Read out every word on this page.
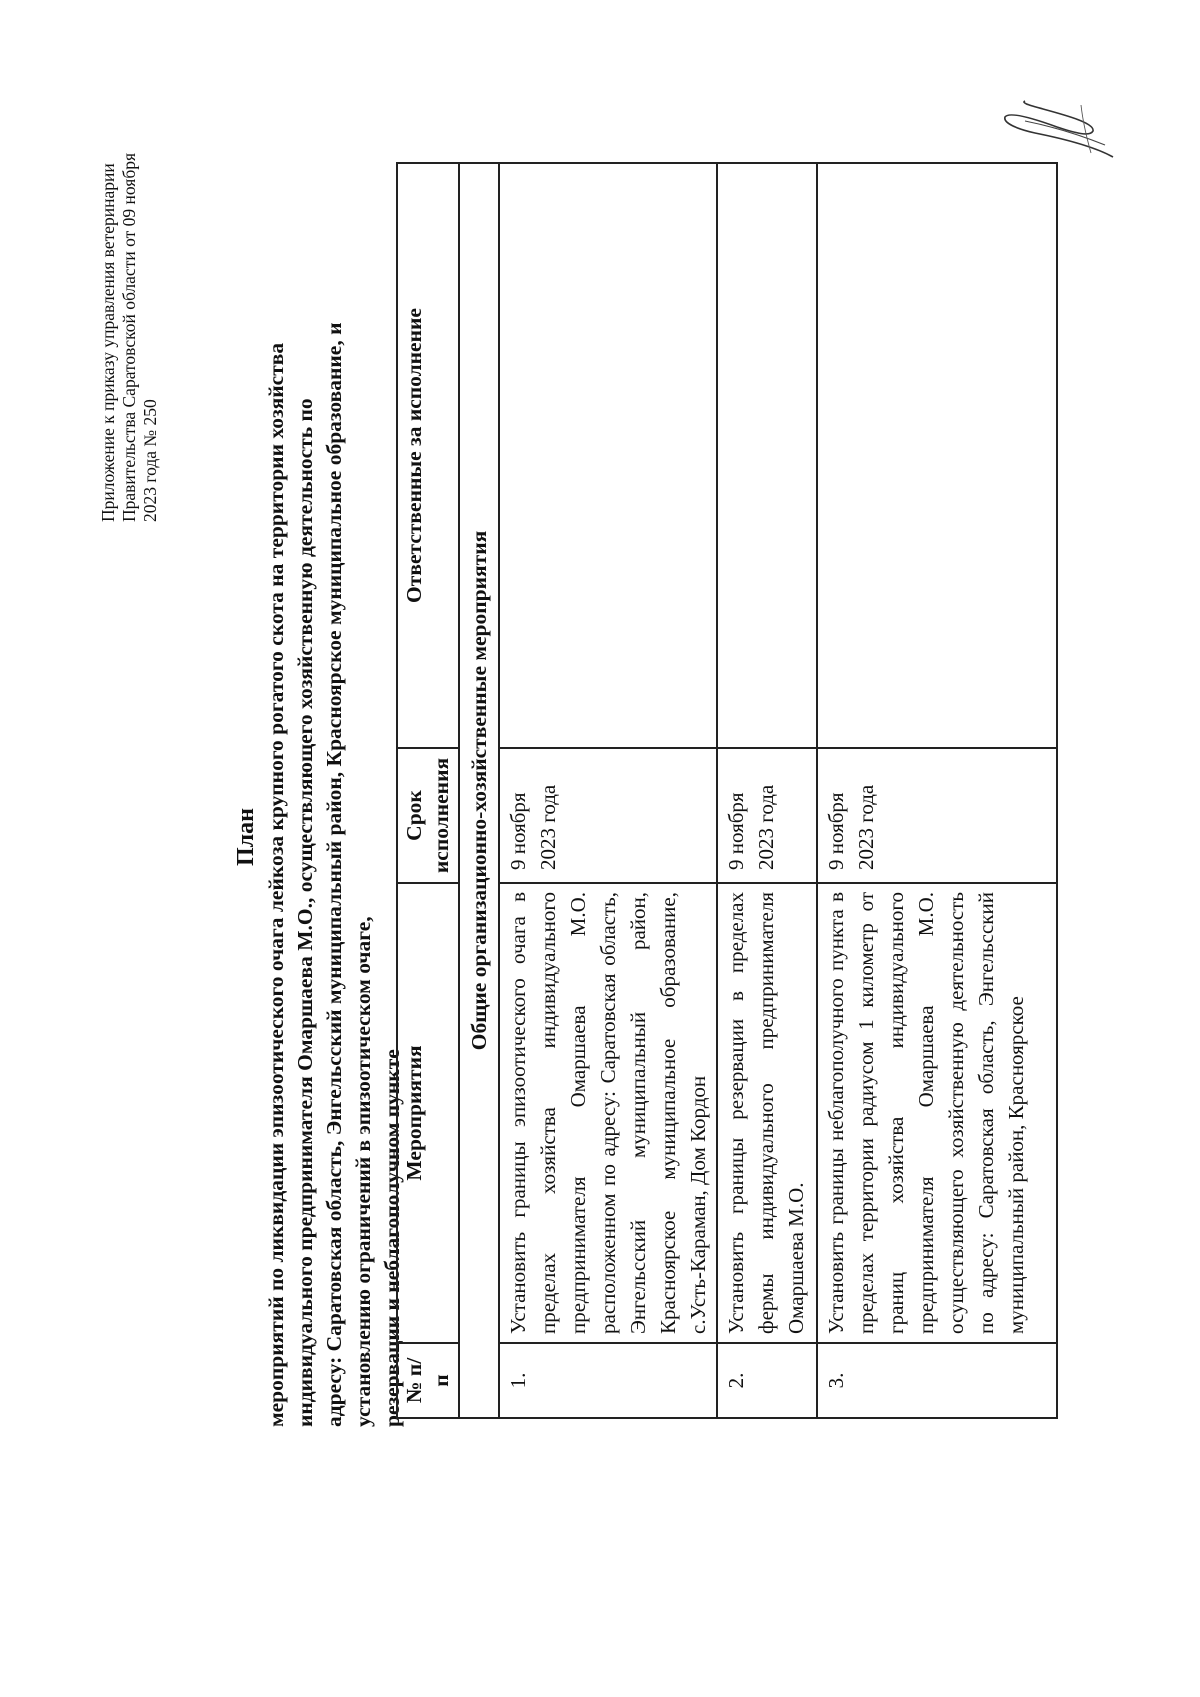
Приложение к приказу управления ветеринарии Правительства Саратовской области от 09 ноября 2023 года № 250
План мероприятий по ликвидации эпизоотического очага лейкоза крупного рогатого скота на территории хозяйства индивидуального предпринимателя Омаршаева М.О., осуществляющего хозяйственную деятельность по адресу: Саратовская область, Энгельсский муниципальный район, Красноярское муниципальное образование, и установлению ограничений в эпизоотическом очаге, резервации и неблагополучном пункте
№ п/п	Мероприятия	Срок исполнения	Ответственные за исполнение
Общие организационно-хозяйственные мероприятия			
1.	Установить границы эпизоотического очага в пределах хозяйства индивидуального предпринимателя Омаршаева М.О. расположенном по адресу: Саратовская область, Энгельсский муниципальный район, Красноярское муниципальное образование, с.Усть-Караман, Дом Кордон	9 ноября 2023 года	
2.	Установить границы резервации в пределах фермы индивидуального предпринимателя Омаршаева М.О.	9 ноября 2023 года	
3.	Установить границы неблагополучного пункта в пределах территории радиусом 1 километр от границ хозяйства индивидуального предпринимателя Омаршаева М.О. осуществляющего хозяйственную деятельность по адресу: Саратовская область, Энгельсский муниципальный район, Красноярское	9 ноября 2023 года	
